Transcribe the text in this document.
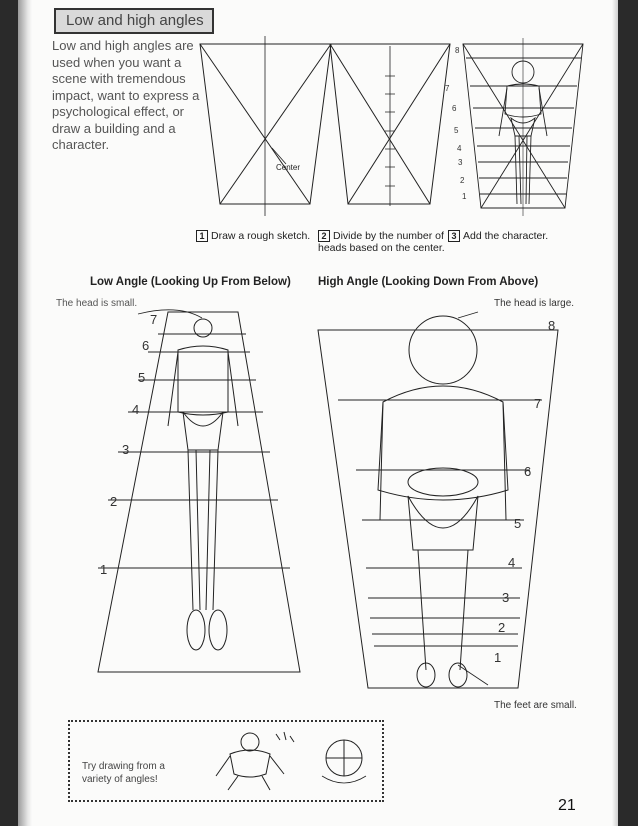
Low and high angles

Low and high angles are used when you want a scene with tremendous impact, want to express a psychological effect, or draw a building and a character.

Center
8
7
6
5
4
3
2
1
1 Draw a rough sketch.	2 Divide by the number of heads based on the center.
3 Add the character.
Low Angle (Looking Up From Below) High Angle (Looking Down From Above)
The head is small.	The head is large.
The feet are small.
7
6
5
4
3
2
1
8
7
6
5
4
3
2
1

Try drawing from a variety of angles!

21
